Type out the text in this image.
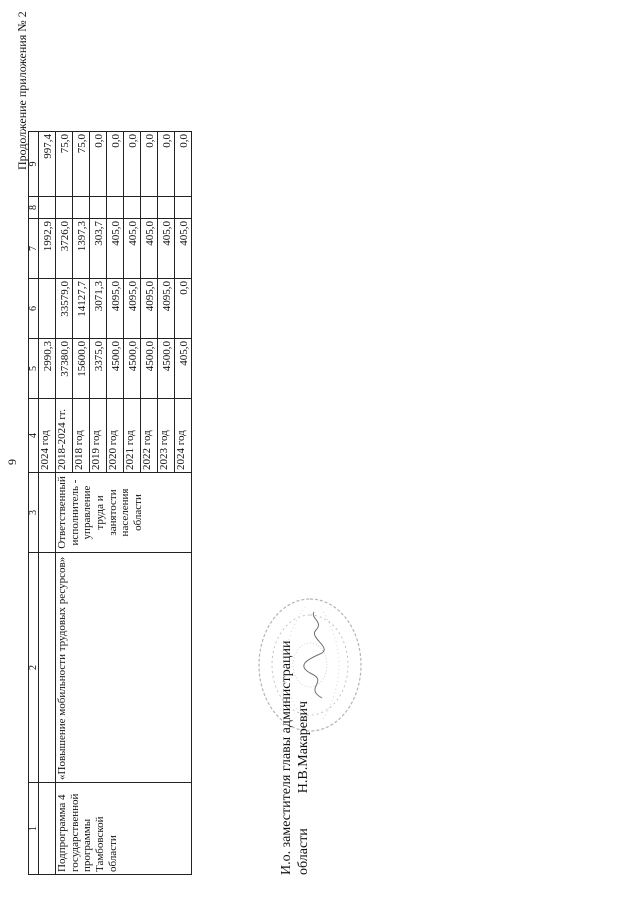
9
Продолжение приложения № 2
1	2	3	4	5	6	7	8	9
			2024 год	2990,3		1992,9		997,4
Подпрограмма 4 государственной программы Тамбовской области	«Повышение мобильности трудовых ресурсов»	Ответственный исполнитель - управление труда и занятости населения области	2018-2024 гг.	37380,0	33579,0	3726,0		75,0
			2018 год	15600,0	14127,7	1397,3		75,0
			2019 год	3375,0	3071,3	303,7		0,0
			2020 год	4500,0	4095,0	405,0		0,0
			2021 год	4500,0	4095,0	405,0		0,0
			2022 год	4500,0	4095,0	405,0		0,0
			2023 год	4500,0	4095,0	405,0		0,0
			2024 год	405,0	0,0	405,0		0,0
И.о. заместителя главы администрации области          Н.В.Макаревич
